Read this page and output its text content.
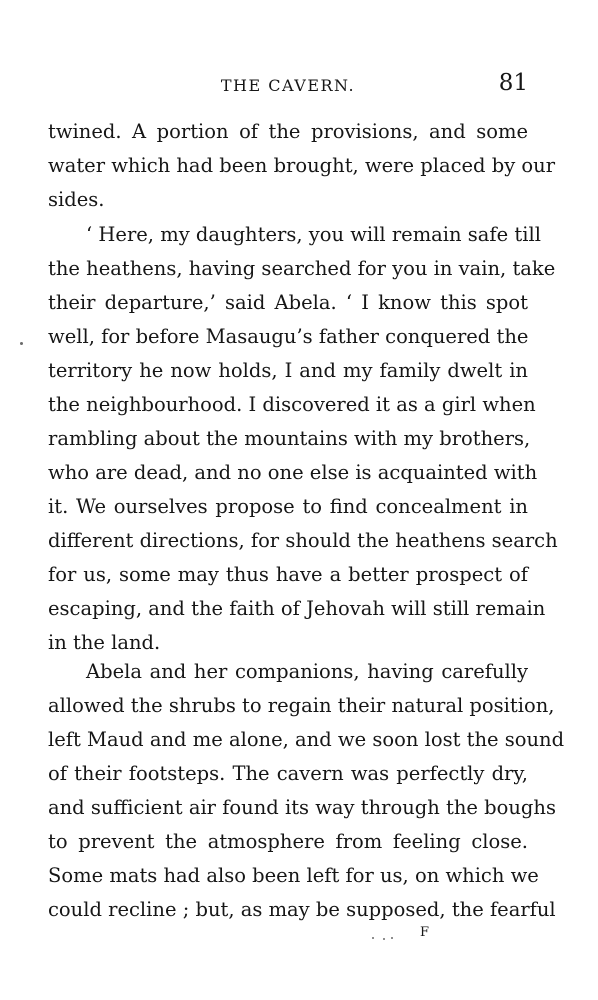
THE CAVERN.	81
twined. A portion of the provisions, and some
water which had been brought, were placed by our
sides.
‘ Here, my daughters, you will remain safe till
the heathens, having searched for you in vain, take
their departure,’ said Abela. ‘ I know this spot
well, for before Masaugu’s father conquered the
territory he now holds, I and my family dwelt in
the neighbourhood. I discovered it as a girl when
rambling about the mountains with my brothers,
who are dead, and no one else is acquainted with
it. We ourselves propose to find concealment in
different directions, for should the heathens search
for us, some may thus have a better prospect of
escaping, and the faith of Jehovah will still remain
in the land.
Abela and her companions, having carefully
allowed the shrubs to regain their natural position,
left Maud and me alone, and we soon lost the sound
of their footsteps. The cavern was perfectly dry,
and sufficient air found its way through the boughs
to prevent the atmosphere from feeling close.
Some mats had also been left for us, on which we
could recline ; but, as may be supposed, the fearful
F
